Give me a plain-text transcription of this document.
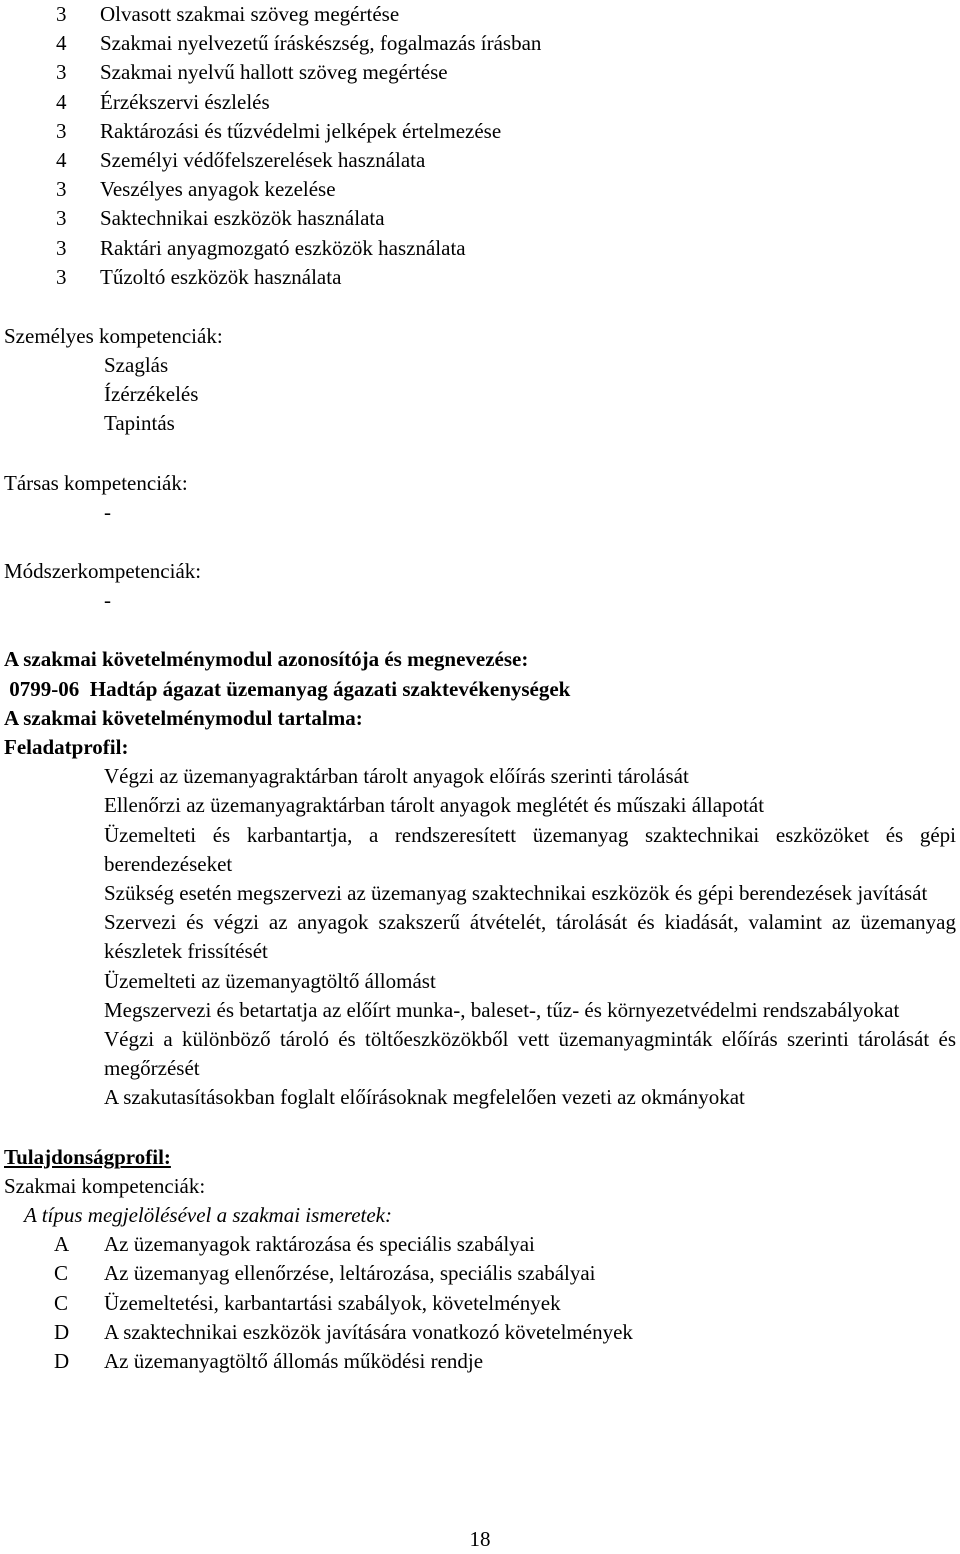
3	Olvasott szakmai szöveg megértése
4	Szakmai nyelvezetű íráskészség, fogalmazás írásban
3	Szakmai nyelvű hallott szöveg megértése
4	Érzékszervi észlelés
3	Raktározási és tűzvédelmi jelképek értelmezése
4	Személyi védőfelszerelések használata
3	Veszélyes anyagok kezelése
3	Saktechnikai eszközök használata
3	Raktári anyagmozgató eszközök használata
3	Tűzoltó eszközök használata
Személyes kompetenciák:
Szaglás
Ízérzékelés
Tapintás
Társas kompetenciák:
-
Módszerkompetenciák:
-
A szakmai követelménymodul azonosítója és megnevezése:
0799-06  Hadtáp ágazat üzemanyag ágazati szaktevékenységek
A szakmai követelménymodul tartalma:
Feladatprofil:
Végzi az üzemanyagraktárban tárolt anyagok előírás szerinti tárolását
Ellenőrzi az üzemanyagraktárban tárolt anyagok meglétét és műszaki állapotát
Üzemelteti és karbantartja, a rendszeresített üzemanyag szaktechnikai eszközöket és gépi berendezéseket
Szükség esetén megszervezi az üzemanyag szaktechnikai eszközök és gépi berendezések javítását
Szervezi és végzi az anyagok szakszerű átvételét, tárolását és kiadását, valamint az üzemanyag készletek frissítését
Üzemelteti az üzemanyagtöltő állomást
Megszervezi és betartatja az előírt munka-, baleset-, tűz- és környezetvédelmi rendszabályokat
Végzi a különböző tároló és töltőeszközökből vett üzemanyagminták előírás szerinti tárolását és megőrzését
A szakutasításokban foglalt előírásoknak megfelelően vezeti az okmányokat
Tulajdonságprofil:
Szakmai kompetenciák:
A típus megjelölésével a szakmai ismeretek:
A	Az üzemanyagok raktározása és speciális szabályai
C	Az üzemanyag ellenőrzése, leltározása, speciális szabályai
C	Üzemeltetési, karbantartási szabályok, követelmények
D	A szaktechnikai eszközök javítására vonatkozó követelmények
D	Az üzemanyagtöltő állomás működési rendje
18
